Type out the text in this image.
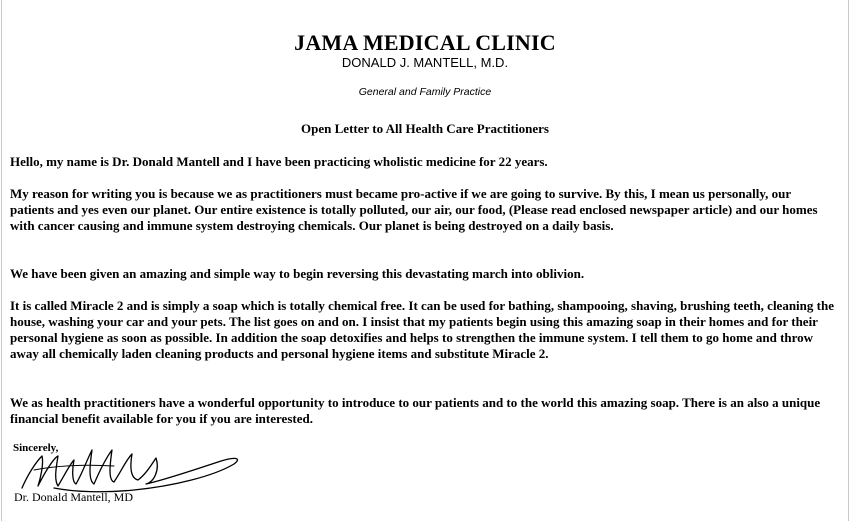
JAMA MEDICAL CLINIC
DONALD J. MANTELL, M.D.
General and Family Practice
Open Letter to All Health Care Practitioners

Hello, my name is Dr. Donald Mantell and I have been practicing wholistic medicine for 22 years.

My reason for writing you is because we as practitioners must became pro-active if we are going to survive. By this, I mean us personally, our patients and yes even our planet. Our entire existence is totally polluted, our air, our food, (Please read enclosed newspaper article) and our homes with cancer causing and immune system destroying chemicals. Our planet is being destroyed on a daily basis.

We have been given an amazing and simple way to begin reversing this devastating march into oblivion.

It is called Miracle 2 and is simply a soap which is totally chemical free. It can be used for bathing, shampooing, shaving, brushing teeth, cleaning the house, washing your car and your pets. The list goes on and on. I insist that my patients begin using this amazing soap in their homes and for their personal hygiene as soon as possible. In addition the soap detoxifies and helps to strengthen the immune system. I tell them to go home and throw away all chemically laden cleaning products and personal hygiene items and substitute Miracle 2.

We as health practitioners have a wonderful opportunity to introduce to our patients and to the world this amazing soap. There is an also a unique financial benefit available for you if you are interested.

Sincerely,
Dr. Donald Mantell, MD
